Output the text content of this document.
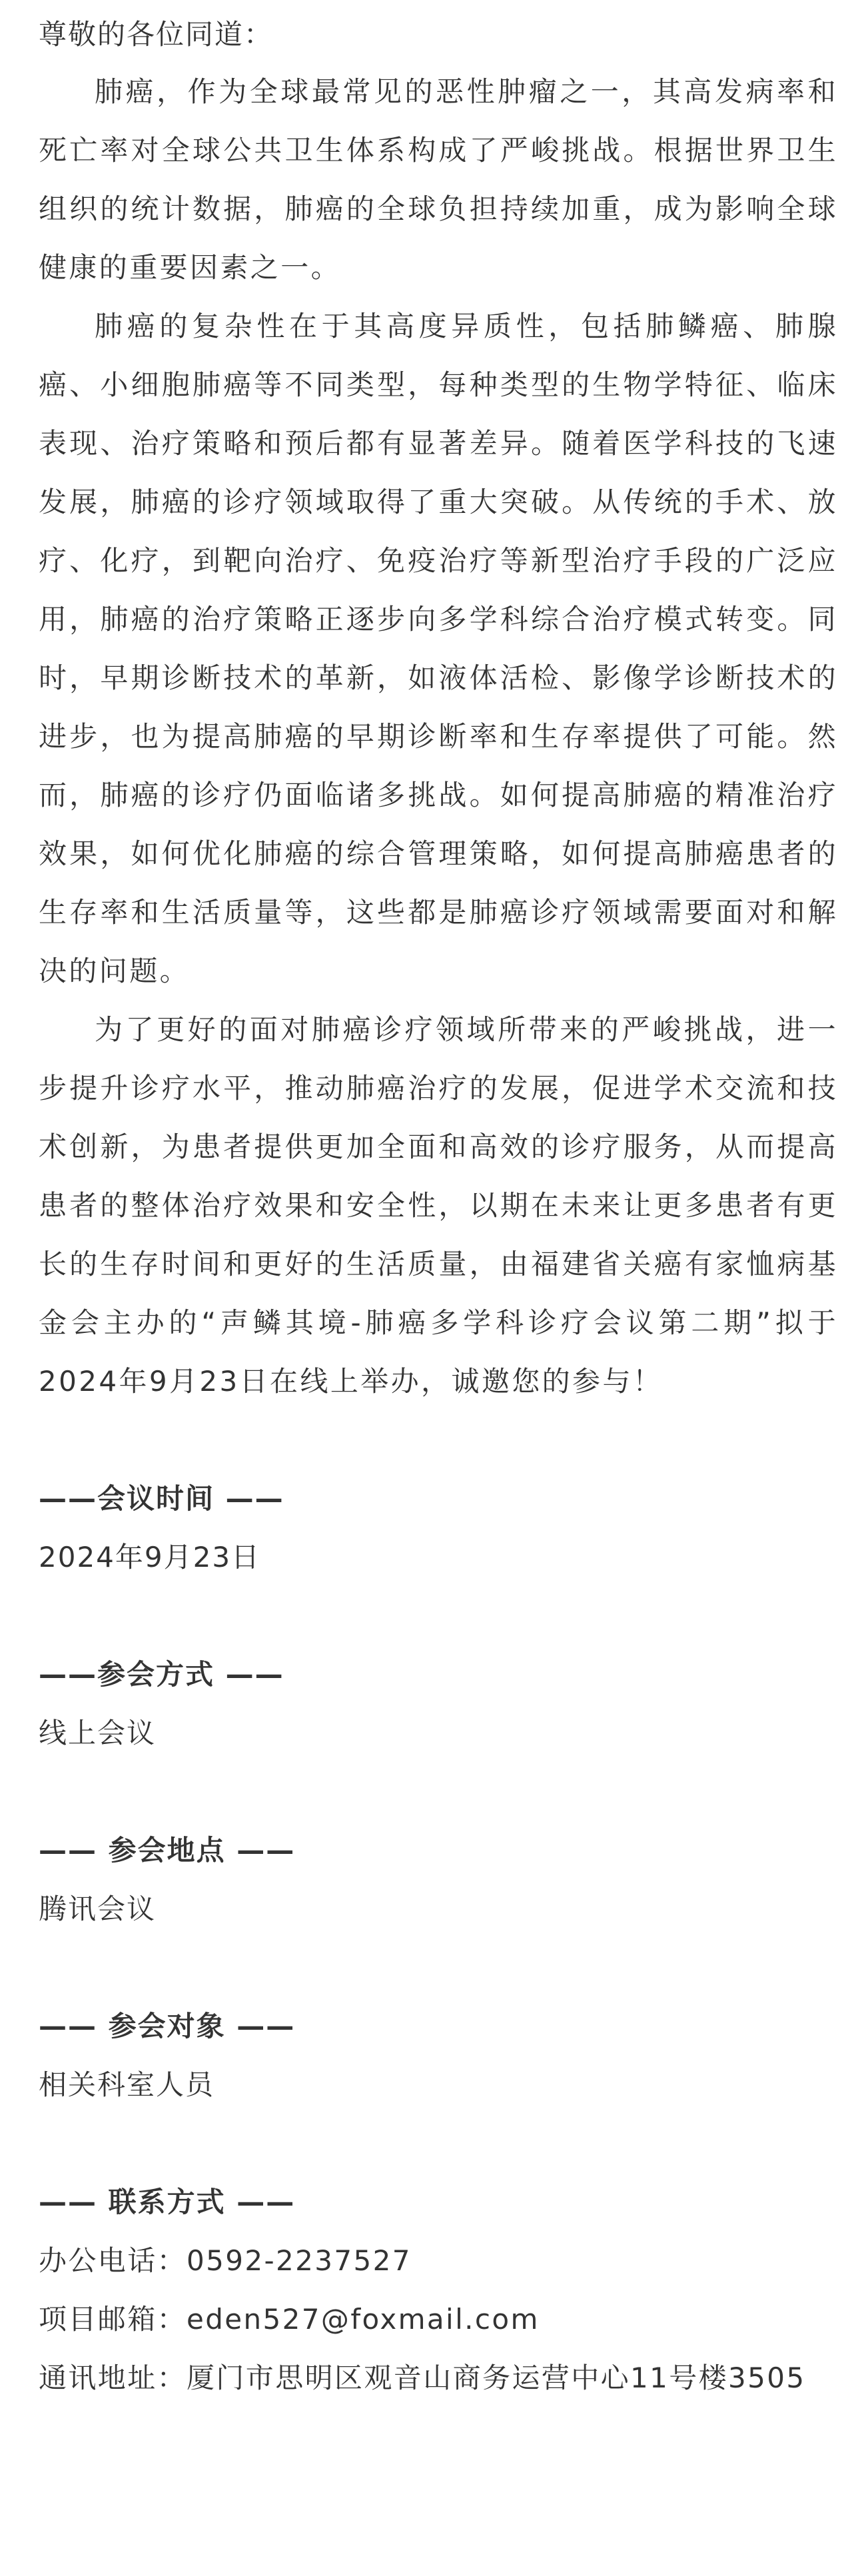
尊敬的各位同道：

肺癌，作为全球最常见的恶性肿瘤之一，其高发病率和死亡率对全球公共卫生体系构成了严峻挑战。根据世界卫生组织的统计数据，肺癌的全球负担持续加重，成为影响全球健康的重要因素之一。

肺癌的复杂性在于其高度异质性，包括肺鳞癌、肺腺癌、小细胞肺癌等不同类型，每种类型的生物学特征、临床表现、治疗策略和预后都有显著差异。随着医学科技的飞速发展，肺癌的诊疗领域取得了重大突破。从传统的手术、放疗、化疗，到靶向治疗、免疫治疗等新型治疗手段的广泛应用，肺癌的治疗策略正逐步向多学科综合治疗模式转变。同时，早期诊断技术的革新，如液体活检、影像学诊断技术的进步，也为提高肺癌的早期诊断率和生存率提供了可能。然而，肺癌的诊疗仍面临诸多挑战。如何提高肺癌的精准治疗效果，如何优化肺癌的综合管理策略，如何提高肺癌患者的生存率和生活质量等，这些都是肺癌诊疗领域需要面对和解决的问题。

为了更好的面对肺癌诊疗领域所带来的严峻挑战，进一步提升诊疗水平，推动肺癌治疗的发展，促进学术交流和技术创新，为患者提供更加全面和高效的诊疗服务，从而提高患者的整体治疗效果和安全性，以期在未来让更多患者有更长的生存时间和更好的生活质量，由福建省关癌有家恤病基金会主办的“声鳞其境-肺癌多学科诊疗会议第二期”拟于2024年9月23日在线上举办，诚邀您的参与！

——会议时间 ——

2024年9月23日

——参会方式 ——

线上会议

—— 参会地点 ——

腾讯会议

—— 参会对象 ——

相关科室人员

—— 联系方式 ——

办公电话：0592-2237527

项目邮箱：eden527@foxmail.com

通讯地址：厦门市思明区观音山商务运营中心11号楼3505
